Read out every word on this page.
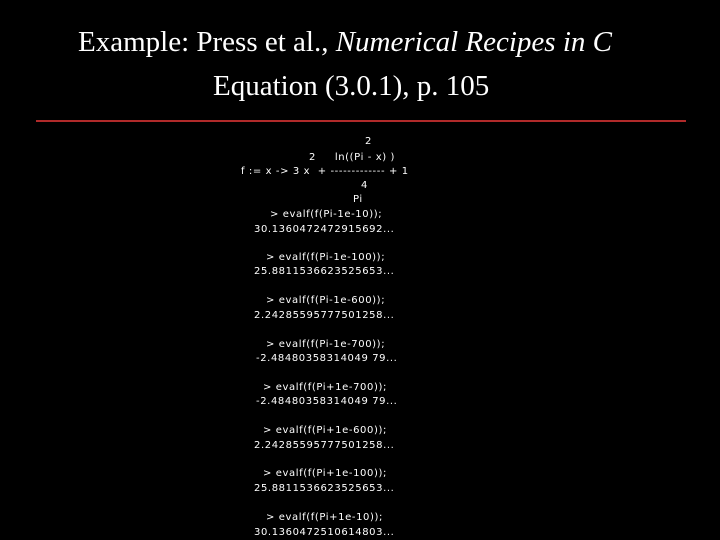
Example: Press et al., Numerical Recipes in C
Equation (3.0.1), p. 105
2
2     ln((Pi - x) )
f := x -> 3 x  + ------------- + 1
4
Pi
> evalf(f(Pi-1e-10));
30.1360472472915692...
> evalf(f(Pi-1e-100));
25.8811536623525653...
> evalf(f(Pi-1e-600));
2.24285595777501258...
> evalf(f(Pi-1e-700));
-2.48480358314049 79...
> evalf(f(Pi+1e-700));
-2.48480358314049 79...
> evalf(f(Pi+1e-600));
2.24285595777501258...
> evalf(f(Pi+1e-100));
25.8811536623525653...
> evalf(f(Pi+1e-10));
30.1360472510614803...
